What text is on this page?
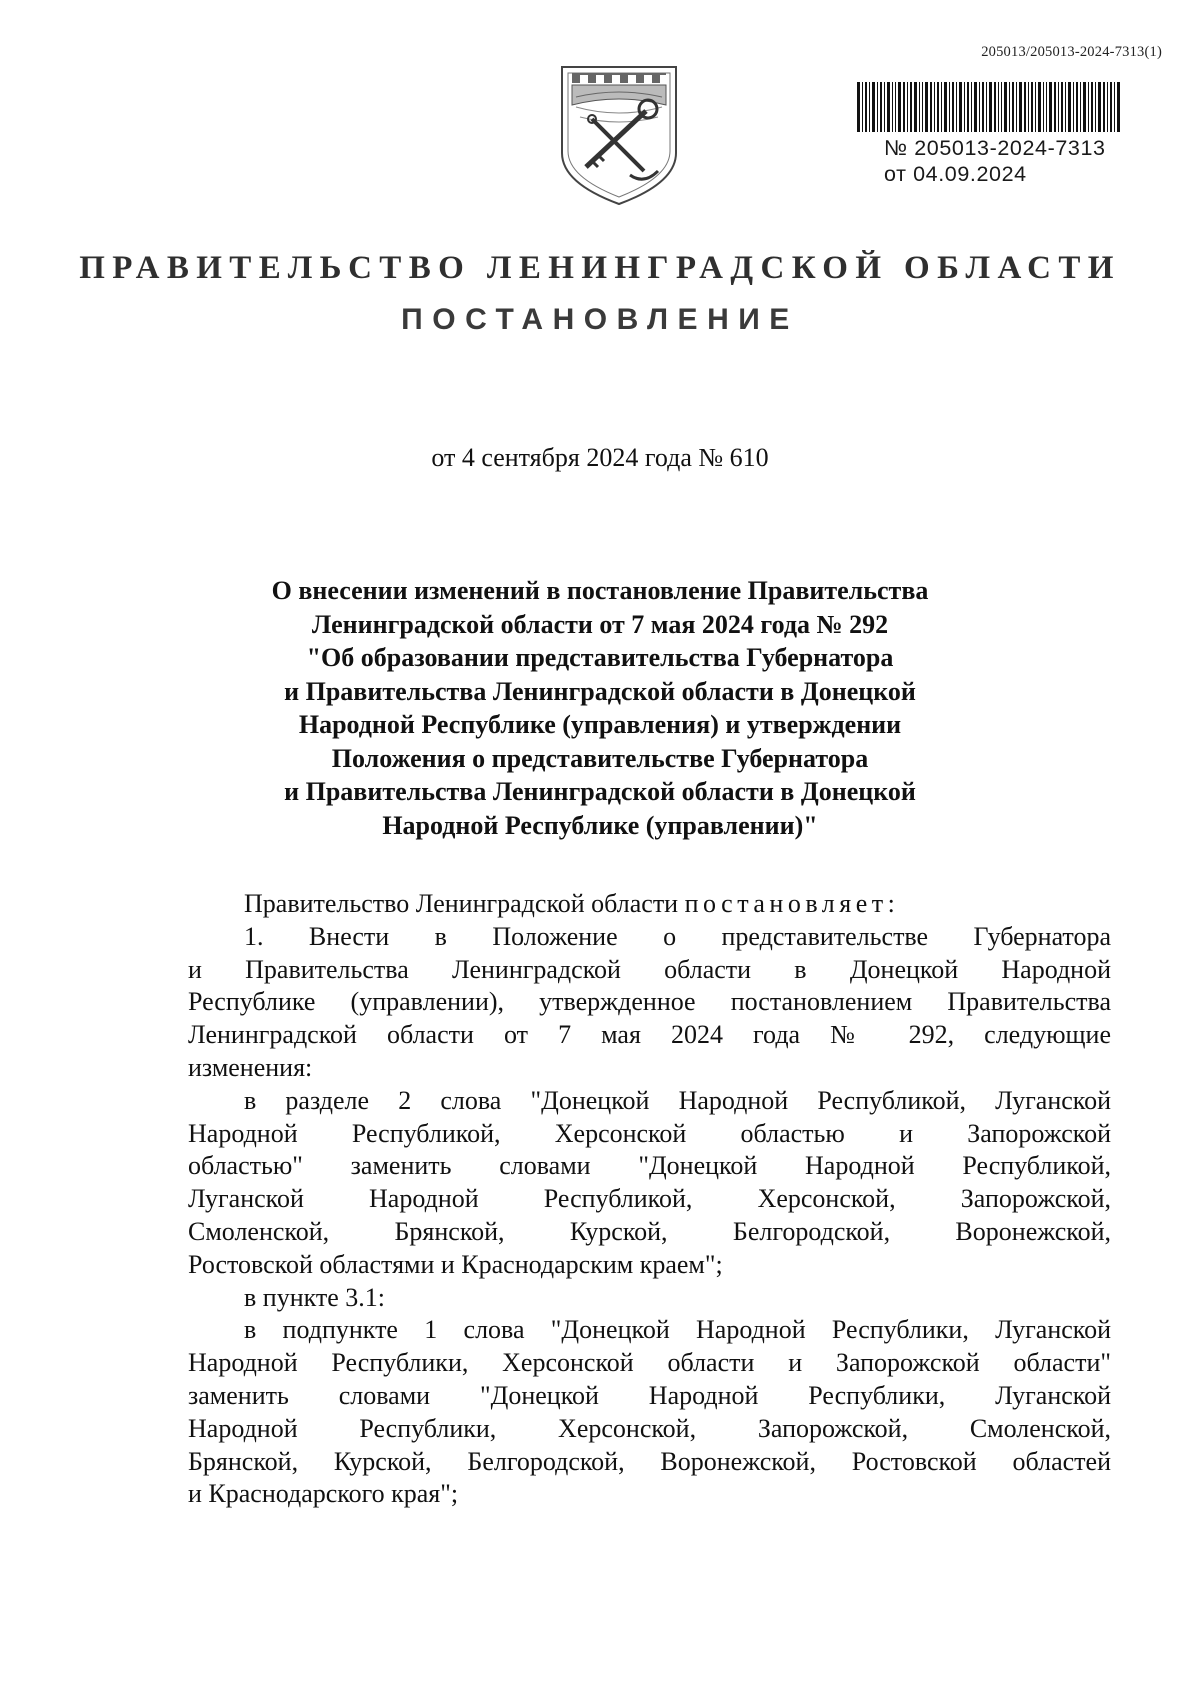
205013/205013-2024-7313(1)
№ 205013-2024-7313
от 04.09.2024
ПРАВИТЕЛЬСТВО ЛЕНИНГРАДСКОЙ ОБЛАСТИ
ПОСТАНОВЛЕНИЕ
от 4 сентября 2024 года № 610
О внесении изменений в постановление Правительства
Ленинградской области от 7 мая 2024 года № 292
"Об образовании представительства Губернатора
и Правительства Ленинградской области в Донецкой
Народной Республике (управления) и утверждении
Положения о представительстве Губернатора
и Правительства Ленинградской области в Донецкой
Народной Республике (управлении)"
Правительство Ленинградской области постановляет:
1. Внести в Положение о представительстве Губернатора
и Правительства Ленинградской области в Донецкой Народной
Республике (управлении), утвержденное постановлением Правительства
Ленинградской области от 7 мая 2024 года № 292, следующие
изменения:
в разделе 2 слова "Донецкой Народной Республикой, Луганской
Народной Республикой, Херсонской областью и Запорожской
областью" заменить словами "Донецкой Народной Республикой,
Луганской Народной Республикой, Херсонской, Запорожской,
Смоленской, Брянской, Курской, Белгородской, Воронежской,
Ростовской областями и Краснодарским краем";
в пункте 3.1:
в подпункте 1 слова "Донецкой Народной Республики, Луганской
Народной Республики, Херсонской области и Запорожской области"
заменить словами "Донецкой Народной Республики, Луганской
Народной Республики, Херсонской, Запорожской, Смоленской,
Брянской, Курской, Белгородской, Воронежской, Ростовской областей
и Краснодарского края";
